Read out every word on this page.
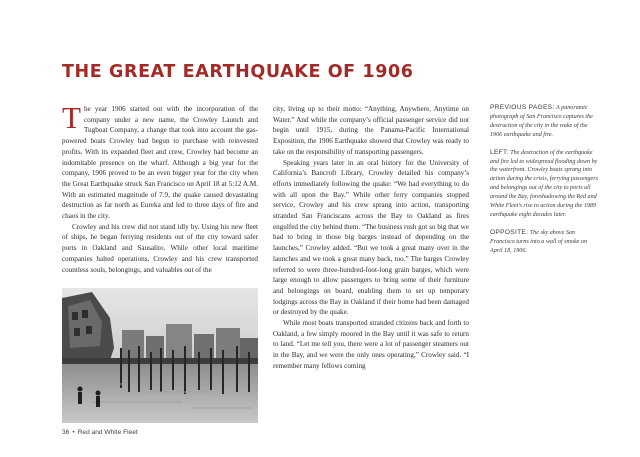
THE GREAT EARTHQUAKE OF 1906

The year 1906 started out with the incorporation of the company under a new name, the Crowley Launch and Tugboat Company, a change that took into account the gas-powered boats Crowley had begun to purchase with reinvested profits. With its expanded fleet and crew, Crowley had become an indomitable presence on the wharf. Although a big year for the company, 1906 proved to be an even bigger year for the city when the Great Earthquake struck San Francisco on April 18 at 5:12 A.M. With an estimated magnitude of 7.9, the quake caused devastating destruction as far north as Eureka and led to three days of fire and chaos in the city.

Crowley and his crew did not stand idly by. Using his new fleet of ships, he began ferrying residents out of the city toward safer ports in Oakland and Sausalito. While other local maritime companies halted operations, Crowley and his crew transported countless souls, belongings, and valuables out of the

city, living up to their motto: “Anything, Anywhere, Anytime on Water.” And while the company’s official passenger service did not begin until 1915, during the Panama-Pacific International Exposition, the 1906 Earthquake showed that Crowley was ready to take on the responsibility of transporting passengers.

Speaking years later in an oral history for the University of California’s Bancroft Library, Crowley detailed his company’s efforts immediately following the quake: “We had everything to do with all upon the Bay.” While other ferry companies stopped service, Crowley and his crew sprang into action, transporting stranded San Franciscans across the Bay to Oakland as fires engulfed the city behind them. “The business rush got so big that we had to bring in those big barges instead of depending on the launches,” Crowley added. “But we took a great many over in the launches and we took a great many back, too.” The barges Crowley referred to were three-hundred-foot-long grain barges, which were large enough to allow passengers to bring some of their furniture and belongings on board, enabling them to set up temporary lodgings across the Bay in Oakland if their home had been damaged or destroyed by the quake.

While most boats transported stranded citizens back and forth to Oakland, a few simply moored in the Bay until it was safe to return to land. “Let me tell you, there were a lot of passenger steamers out in the Bay, and we were the only ones operating,” Crowley said. “I remember many fellows coming

PREVIOUS PAGES: A panoramic photograph of San Francisco captures the destruction of the city in the wake of the 1906 earthquake and fire.

LEFT: The destruction of the earthquake and fire led to widespread flooding down by the waterfront. Crowley boats sprang into action during the crisis, ferrying passengers and belongings out of the city to ports all around the Bay, foreshadowing the Red and White Fleet’s rise to action during the 1989 earthquake eight decades later.

OPPOSITE: The sky above San Francisco turns into a wall of smoke on April 18, 1906.

36 • Red and White Fleet
